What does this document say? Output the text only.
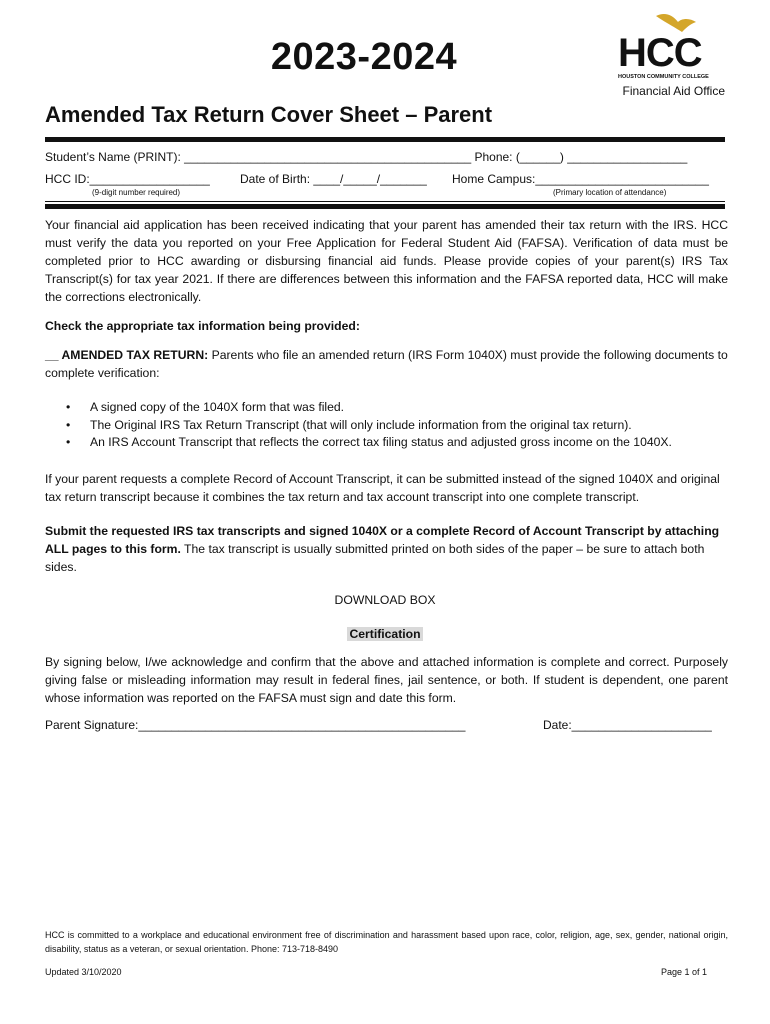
2023-2024	HCC
HOUSTON COMMUNITY COLLEGE
Financial Aid Office
Amended Tax Return Cover Sheet – Parent
Student’s Name (PRINT): ___________________________________________ Phone: (______) __________________
HCC ID:__________________	Date of Birth: ____/_____/_______ Home Campus:__________________________
(9-digit number required)	(Primary location of attendance)
Your financial aid application has been received indicating that your parent has amended their tax return with the IRS. HCC must verify the data you reported on your Free Application for Federal Student Aid (FAFSA). Verification of data must be completed prior to HCC awarding or disbursing financial aid funds. Please provide copies of your parent(s) IRS Tax Transcript(s) for tax year 2021. If there are differences between this information and the FAFSA reported data, HCC will make the corrections electronically.
Check the appropriate tax information being provided:
__ AMENDED TAX RETURN: Parents who file an amended return (IRS Form 1040X) must provide the following documents to complete verification:
• A signed copy of the 1040X form that was filed.
• The Original IRS Tax Return Transcript (that will only include information from the original tax return).
• An IRS Account Transcript that reflects the correct tax filing status and adjusted gross income on the 1040X.
If your parent requests a complete Record of Account Transcript, it can be submitted instead of the signed 1040X and original tax return transcript because it combines the tax return and tax account transcript into one complete transcript.
Submit the requested IRS tax transcripts and signed 1040X or a complete Record of Account Transcript by attaching ALL pages to this form. The tax transcript is usually submitted printed on both sides of the paper – be sure to attach both sides.
DOWNLOAD BOX
Certification
By signing below, I/we acknowledge and confirm that the above and attached information is complete and correct. Purposely giving false or misleading information may result in federal fines, jail sentence, or both. If student is dependent, one parent whose information was reported on the FAFSA must sign and date this form.
Parent Signature:_________________________________________________	Date:_____________________
HCC is committed to a workplace and educational environment free of discrimination and harassment based upon race, color, religion, age, sex, gender, national origin, disability, status as a veteran, or sexual orientation. Phone: 713-718-8490
Updated 3/10/2020	Page 1 of 1
